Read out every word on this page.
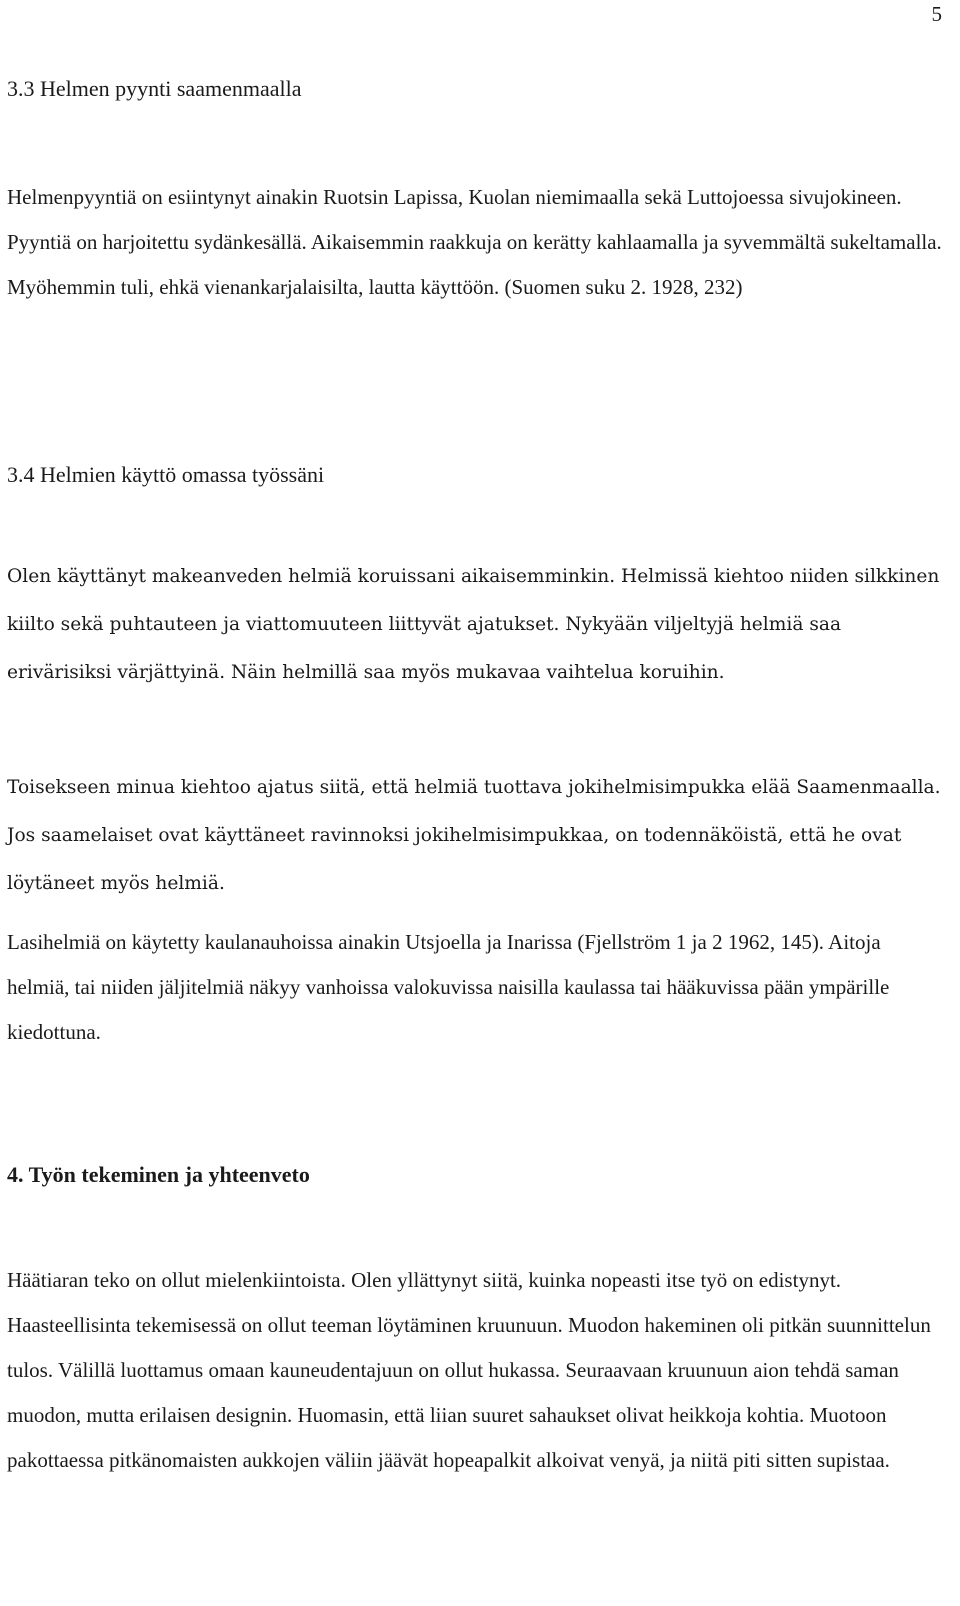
5
3.3 Helmen pyynti saamenmaalla

Helmenpyyntiä on esiintynyt ainakin Ruotsin Lapissa, Kuolan niemimaalla sekä Luttojoessa sivujokineen. Pyyntiä on harjoitettu sydänkesällä. Aikaisemmin raakkuja on kerätty kahlaamalla ja syvemmältä sukeltamalla. Myöhemmin tuli, ehkä vienankarjalaisilta, lautta käyttöön. (Suomen suku 2. 1928, 232)

3.4 Helmien käyttö omassa työssäni

Olen käyttänyt makeanveden helmiä koruissani aikaisemminkin. Helmissä kiehtoo niiden silkkinen kiilto sekä puhtauteen ja viattomuuteen liittyvät ajatukset. Nykyään viljeltyjä helmiä saa erivärisiksi värjättyinä. Näin helmillä saa myös mukavaa vaihtelua koruihin.

Toisekseen minua kiehtoo ajatus siitä, että helmiä tuottava jokihelmisimpukka elää Saamenmaalla. Jos saamelaiset ovat käyttäneet ravinnoksi jokihelmisimpukkaa, on todennäköistä, että he ovat löytäneet myös helmiä.

Lasihelmiä on käytetty kaulanauhoissa ainakin Utsjoella ja Inarissa (Fjellström 1 ja 2 1962, 145). Aitoja helmiä, tai niiden jäljitelmiä näkyy vanhoissa valokuvissa naisilla kaulassa tai hääkuvissa pään ympärille kiedottuna.

4. Työn tekeminen ja yhteenveto

Häätiaran teko on ollut mielenkiintoista. Olen yllättynyt siitä, kuinka nopeasti itse työ on edistynyt. Haasteellisinta tekemisessä on ollut teeman löytäminen kruunuun. Muodon hakeminen oli pitkän suunnittelun tulos. Välillä luottamus omaan kauneudentajuun on ollut hukassa. Seuraavaan kruunuun aion tehdä saman muodon, mutta erilaisen designin. Huomasin, että liian suuret sahaukset olivat heikkoja kohtia. Muotoon pakottaessa pitkänomaisten aukkojen väliin jäävät hopeapalkit alkoivat venyä, ja niitä piti sitten supistaa.
